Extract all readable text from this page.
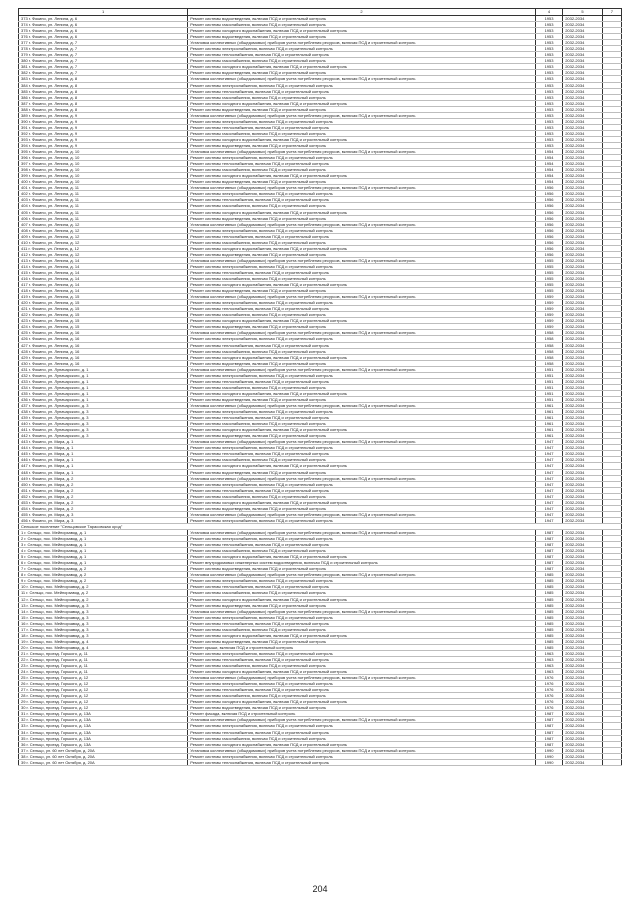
1	2	4	5	7
373 г. Фокино, ул. Ленина, д. 6	Ремонт системы водоотведения, включая ПСД и строительный контроль	1953	2032-2034	
374 г. Фокино, ул. Ленина, д. 6	Ремонт системы газоснабжения, включая ПСД и строительный контроль	1953	2032-2034	
375 г. Фокино, ул. Ленина, д. 6	Ремонт системы холодного водоснабжения, включая ПСД и строительный контроль	1953	2032-2034	
376 г. Фокино, ул. Ленина, д. 6	Ремонт системы водоотведения, включая ПСД и строительный контроль	1953	2032-2034	
377 г. Фокино, ул. Ленина, д. 7	Установка коллективных (общедомовых) приборов учета потребления ресурсов, включая ПСД и строительный контроль	1953	2032-2034	
378 г. Фокино, ул. Ленина, д. 7	Ремонт системы электроснабжения, включая ПСД и строительный контроль	1953	2032-2034	
379 г. Фокино, ул. Ленина, д. 7	Ремонт системы теплоснабжения, включая ПСД и строительный контроль	1953	2032-2034	
380 г. Фокино, ул. Ленина, д. 7	Ремонт системы газоснабжения, включая ПСД и строительный контроль	1953	2032-2034	
381 г. Фокино, ул. Ленина, д. 7	Ремонт системы холодного водоснабжения, включая ПСД и строительный контроль	1953	2032-2034	
382 г. Фокино, ул. Ленина, д. 7	Ремонт системы водоотведения, включая ПСД и строительный контроль	1953	2032-2034	
383 г. Фокино, ул. Ленина, д. 8	Установка коллективных (общедомовых) приборов учета потребления ресурсов, включая ПСД и строительный контроль	1953	2032-2034	
384 г. Фокино, ул. Ленина, д. 8	Ремонт системы электроснабжения, включая ПСД и строительный контроль	1953	2032-2034	
385 г. Фокино, ул. Ленина, д. 8	Ремонт системы теплоснабжения, включая ПСД и строительный контроль	1953	2032-2034	
386 г. Фокино, ул. Ленина, д. 8	Ремонт системы газоснабжения, включая ПСД и строительный контроль	1953	2032-2034	
387 г. Фокино, ул. Ленина, д. 8	Ремонт системы холодного водоснабжения, включая ПСД и строительный контроль	1953	2032-2034	
388 г. Фокино, ул. Ленина, д. 8	Ремонт системы водоотведения, включая ПСД и строительный контроль	1953	2032-2034	
389 г. Фокино, ул. Ленина, д. 9	Установка коллективных (общедомовых) приборов учета потребления ресурсов, включая ПСД и строительный контроль	1953	2032-2034	
390 г. Фокино, ул. Ленина, д. 9	Ремонт системы электроснабжения, включая ПСД и строительный контроль	1953	2032-2034	
391 г. Фокино, ул. Ленина, д. 9	Ремонт системы теплоснабжения, включая ПСД и строительный контроль	1953	2032-2034	
392 г. Фокино, ул. Ленина, д. 9	Ремонт системы газоснабжения, включая ПСД и строительный контроль	1953	2032-2034	
393 г. Фокино, ул. Ленина, д. 9	Ремонт системы холодного водоснабжения, включая ПСД и строительный контроль	1953	2032-2034	
394 г. Фокино, ул. Ленина, д. 9	Ремонт системы водоотведения, включая ПСД и строительный контроль	1953	2032-2034	
395 г. Фокино, ул. Ленина, д. 10	Установка коллективных (общедомовых) приборов учета потребления ресурсов, включая ПСД и строительный контроль	1954	2032-2034	
396 г. Фокино, ул. Ленина, д. 10	Ремонт системы электроснабжения, включая ПСД и строительный контроль	1954	2032-2034	
397 г. Фокино, ул. Ленина, д. 10	Ремонт системы теплоснабжения, включая ПСД и строительный контроль	1954	2032-2034	
398 г. Фокино, ул. Ленина, д. 10	Ремонт системы газоснабжения, включая ПСД и строительный контроль	1954	2032-2034	
399 г. Фокино, ул. Ленина, д. 10	Ремонт системы холодного водоснабжения, включая ПСД и строительный контроль	1954	2032-2034	
400 г. Фокино, ул. Ленина, д. 10	Ремонт системы водоотведения, включая ПСД и строительный контроль	1954	2032-2034	
401 г. Фокино, ул. Ленина, д. 11	Установка коллективных (общедомовых) приборов учета потребления ресурсов, включая ПСД и строительный контроль	1956	2032-2034	
402 г. Фокино, ул. Ленина, д. 11	Ремонт системы электроснабжения, включая ПСД и строительный контроль	1956	2032-2034	
403 г. Фокино, ул. Ленина, д. 11	Ремонт системы теплоснабжения, включая ПСД и строительный контроль	1956	2032-2034	
404 г. Фокино, ул. Ленина, д. 11	Ремонт системы газоснабжения, включая ПСД и строительный контроль	1956	2032-2034	
405 г. Фокино, ул. Ленина, д. 11	Ремонт системы холодного водоснабжения, включая ПСД и строительный контроль	1956	2032-2034	
406 г. Фокино, ул. Ленина, д. 11	Ремонт системы водоотведения, включая ПСД и строительный контроль	1956	2032-2034	
407 г. Фокино, ул. Ленина, д. 12	Установка коллективных (общедомовых) приборов учета потребления ресурсов, включая ПСД и строительный контроль	1956	2032-2034	
408 г. Фокино, ул. Ленина, д. 12	Ремонт системы электроснабжения, включая ПСД и строительный контроль	1956	2032-2034	
409 г. Фокино, ул. Ленина, д. 12	Ремонт системы теплоснабжения, включая ПСД и строительный контроль	1956	2032-2034	
410 г. Фокино, ул. Ленина, д. 12	Ремонт системы газоснабжения, включая ПСД и строительный контроль	1956	2032-2034	
411 г. Фокино, ул. Ленина, д. 12	Ремонт системы холодного водоснабжения, включая ПСД и строительный контроль	1956	2032-2034	
412 г. Фокино, ул. Ленина, д. 12	Ремонт системы водоотведения, включая ПСД и строительный контроль	1956	2032-2034	
413 г. Фокино, ул. Ленина, д. 14	Установка коллективных (общедомовых) приборов учета потребления ресурсов, включая ПСД и строительный контроль	1955	2032-2034	
414 г. Фокино, ул. Ленина, д. 14	Ремонт системы электроснабжения, включая ПСД и строительный контроль	1955	2032-2034	
415 г. Фокино, ул. Ленина, д. 14	Ремонт системы теплоснабжения, включая ПСД и строительный контроль	1955	2032-2034	
416 г. Фокино, ул. Ленина, д. 14	Ремонт системы газоснабжения, включая ПСД и строительный контроль	1955	2032-2034	
417 г. Фокино, ул. Ленина, д. 14	Ремонт системы холодного водоснабжения, включая ПСД и строительный контроль	1955	2032-2034	
418 г. Фокино, ул. Ленина, д. 14	Ремонт системы водоотведения, включая ПСД и строительный контроль	1955	2032-2034	
419 г. Фокино, ул. Ленина, д. 15	Установка коллективных (общедомовых) приборов учета потребления ресурсов, включая ПСД и строительный контроль	1959	2032-2034	
420 г. Фокино, ул. Ленина, д. 15	Ремонт системы электроснабжения, включая ПСД и строительный контроль	1959	2032-2034	
421 г. Фокино, ул. Ленина, д. 15	Ремонт системы теплоснабжения, включая ПСД и строительный контроль	1959	2032-2034	
422 г. Фокино, ул. Ленина, д. 15	Ремонт системы газоснабжения, включая ПСД и строительный контроль	1959	2032-2034	
423 г. Фокино, ул. Ленина, д. 15	Ремонт системы холодного водоснабжения, включая ПСД и строительный контроль	1959	2032-2034	
424 г. Фокино, ул. Ленина, д. 15	Ремонт системы водоотведения, включая ПСД и строительный контроль	1959	2032-2034	
425 г. Фокино, ул. Ленина, д. 16	Установка коллективных (общедомовых) приборов учета потребления ресурсов, включая ПСД и строительный контроль	1958	2032-2034	
426 г. Фокино, ул. Ленина, д. 16	Ремонт системы электроснабжения, включая ПСД и строительный контроль	1958	2032-2034	
427 г. Фокино, ул. Ленина, д. 16	Ремонт системы теплоснабжения, включая ПСД и строительный контроль	1958	2032-2034	
428 г. Фокино, ул. Ленина, д. 16	Ремонт системы газоснабжения, включая ПСД и строительный контроль	1958	2032-2034	
429 г. Фокино, ул. Ленина, д. 16	Ремонт системы холодного водоснабжения, включая ПСД и строительный контроль	1958	2032-2034	
430 г. Фокино, ул. Ленина, д. 16	Ремонт системы водоотведения, включая ПСД и строительный контроль	1958	2032-2034	
431 г. Фокино, ул. Луначарского, д. 1	Установка коллективных (общедомовых) приборов учета потребления ресурсов, включая ПСД и строительный контроль	1951	2032-2034	
432 г. Фокино, ул. Луначарского, д. 1	Ремонт системы электроснабжения, включая ПСД и строительный контроль	1951	2032-2034	
433 г. Фокино, ул. Луначарского, д. 1	Ремонт системы теплоснабжения, включая ПСД и строительный контроль	1951	2032-2034	
434 г. Фокино, ул. Луначарского, д. 1	Ремонт системы газоснабжения, включая ПСД и строительный контроль	1951	2032-2034	
435 г. Фокино, ул. Луначарского, д. 1	Ремонт системы холодного водоснабжения, включая ПСД и строительный контроль	1951	2032-2034	
436 г. Фокино, ул. Луначарского, д. 1	Ремонт системы водоотведения, включая ПСД и строительный контроль	1951	2032-2034	
437 г. Фокино, ул. Луначарского, д. 3	Установка коллективных (общедомовых) приборов учета потребления ресурсов, включая ПСД и строительный контроль	1961	2032-2034	
438 г. Фокино, ул. Луначарского, д. 3	Ремонт системы электроснабжения, включая ПСД и строительный контроль	1961	2032-2034	
439 г. Фокино, ул. Луначарского, д. 3	Ремонт системы теплоснабжения, включая ПСД и строительный контроль	1961	2032-2034	
440 г. Фокино, ул. Луначарского, д. 3	Ремонт системы газоснабжения, включая ПСД и строительный контроль	1961	2032-2034	
441 г. Фокино, ул. Луначарского, д. 3	Ремонт системы холодного водоснабжения, включая ПСД и строительный контроль	1961	2032-2034	
442 г. Фокино, ул. Луначарского, д. 3	Ремонт системы водоотведения, включая ПСД и строительный контроль	1961	2032-2034	
443 г. Фокино, ул. Мира, д. 1	Установка коллективных (общедомовых) приборов учета потребления ресурсов, включая ПСД и строительный контроль	1947	2032-2034	
444 г. Фокино, ул. Мира, д. 1	Ремонт системы электроснабжения, включая ПСД и строительный контроль	1947	2032-2034	
445 г. Фокино, ул. Мира, д. 1	Ремонт системы теплоснабжения, включая ПСД и строительный контроль	1947	2032-2034	
446 г. Фокино, ул. Мира, д. 1	Ремонт системы газоснабжения, включая ПСД и строительный контроль	1947	2032-2034	
447 г. Фокино, ул. Мира, д. 1	Ремонт системы холодного водоснабжения, включая ПСД и строительный контроль	1947	2032-2034	
448 г. Фокино, ул. Мира, д. 1	Ремонт системы водоотведения, включая ПСД и строительный контроль	1947	2032-2034	
449 г. Фокино, ул. Мира, д. 2	Установка коллективных (общедомовых) приборов учета потребления ресурсов, включая ПСД и строительный контроль	1947	2032-2034	
450 г. Фокино, ул. Мира, д. 2	Ремонт системы электроснабжения, включая ПСД и строительный контроль	1947	2032-2034	
451 г. Фокино, ул. Мира, д. 2	Ремонт системы теплоснабжения, включая ПСД и строительный контроль	1947	2032-2034	
452 г. Фокино, ул. Мира, д. 2	Ремонт системы газоснабжения, включая ПСД и строительный контроль	1947	2032-2034	
453 г. Фокино, ул. Мира, д. 2	Ремонт системы холодного водоснабжения, включая ПСД и строительный контроль	1947	2032-2034	
454 г. Фокино, ул. Мира, д. 2	Ремонт системы водоотведения, включая ПСД и строительный контроль	1947	2032-2034	
455 г. Фокино, ул. Мира, д. 3	Установка коллективных (общедомовых) приборов учета потребления ресурсов, включая ПСД и строительный контроль	1947	2032-2034	
456 г. Фокино, ул. Мира, д. 3	Ремонт системы электроснабжения, включая ПСД и строительный контроль	1947	2032-2034	
Сельское поселение "Сельцовское Тарасовская ород"				
1 г. Сельцо, пос. Мейпорзавод, д. 1	Установка коллективных (общедомовых) приборов учета потребления ресурсов, включая ПСД и строительный контроль	1987	2032-2034	
2 г. Сельцо, пос. Мейпорзавод, д. 1	Ремонт системы электроснабжения, включая ПСД и строительный контроль	1987	2032-2034	
3 г. Сельцо, пос. Мейпорзавод, д. 1	Ремонт системы теплоснабжения, включая ПСД и строительный контроль	1987	2032-2034	
4 г. Сельцо, пос. Мейпорзавод, д. 1	Ремонт системы газоснабжения, включая ПСД и строительный контроль	1987	2032-2034	
5 г. Сельцо, пос. Мейпорзавод, д. 1	Ремонт системы холодного водоснабжения, включая ПСД и строительный контроль	1987	2032-2034	
6 г. Сельцо, пос. Мейпорзавод, д. 1	Ремонт внутридомовых инженерных систем водоотведения, включая ПСД и строительный контроль	1987	2032-2034	
7 г. Сельцо, пос. Мейпорзавод, д. 2	Ремонт системы водоотведения, включая ПСД и строительный контроль	1987	2032-2034	
8 г. Сельцо, пос. Мейпорзавод, д. 2	Установка коллективных (общедомовых) приборов учета потребления ресурсов, включая ПСД и строительный контроль	1985	2032-2034	
9 г. Сельцо, пос. Мейпорзавод, д. 2	Ремонт системы электроснабжения, включая ПСД и строительный контроль	1985	2032-2034	
10 г. Сельцо, пос. Мейпорзавод, д. 2	Ремонт системы теплоснабжения, включая ПСД и строительный контроль	1985	2032-2034	
11 г. Сельцо, пос. Мейпорзавод, д. 2	Ремонт системы газоснабжения, включая ПСД и строительный контроль	1985	2032-2034	
12 г. Сельцо, пос. Мейпорзавод, д. 2	Ремонт системы холодного водоснабжения, включая ПСД и строительный контроль	1985	2032-2034	
13 г. Сельцо, пос. Мейпорзавод, д. 3	Ремонт системы водоотведения, включая ПСД и строительный контроль	1985	2032-2034	
14 г. Сельцо, пос. Мейпорзавод, д. 3	Установка коллективных (общедомовых) приборов учета потребления ресурсов, включая ПСД и строительный контроль	1985	2032-2034	
15 г. Сельцо, пос. Мейпорзавод, д. 3	Ремонт системы электроснабжения, включая ПСД и строительный контроль	1985	2032-2034	
16 г. Сельцо, пос. Мейпорзавод, д. 3	Ремонт системы теплоснабжения, включая ПСД и строительный контроль	1985	2032-2034	
17 г. Сельцо, пос. Мейпорзавод, д. 3	Ремонт системы газоснабжения, включая ПСД и строительный контроль	1985	2032-2034	
18 г. Сельцо, пос. Мейпорзавод, д. 3	Ремонт системы холодного водоснабжения, включая ПСД и строительный контроль	1985	2032-2034	
19 г. Сельцо, пос. Мейпорзавод, д. 4	Ремонт системы водоотведения, включая ПСД и строительный контроль	1985	2032-2034	
20 г. Сельцо, пос. Мейпорзавод, д. 4	Ремонт крыши, включая ПСД и строительный контроль	1985	2032-2034	
21 г. Сельцо, проезд. Горького, д. 11	Ремонт системы электроснабжения, включая ПСД и строительный контроль	1963	2032-2034	
22 г. Сельцо, проезд. Горького, д. 11	Ремонт системы теплоснабжения, включая ПСД и строительный контроль	1963	2032-2034	
23 г. Сельцо, проезд. Горького, д. 11	Ремонт системы газоснабжения, включая ПСД и строительный контроль	1963	2032-2034	
24 г. Сельцо, проезд. Горького, д. 11	Ремонт системы холодного водоснабжения, включая ПСД и строительный контроль	1963	2032-2034	
25 г. Сельцо, проезд. Горького, д. 12	Установка коллективных (общедомовых) приборов учета потребления ресурсов, включая ПСД и строительный контроль	1976	2032-2034	
26 г. Сельцо, проезд. Горького, д. 12	Ремонт системы электроснабжения, включая ПСД и строительный контроль	1976	2032-2034	
27 г. Сельцо, проезд. Горького, д. 12	Ремонт системы теплоснабжения, включая ПСД и строительный контроль	1976	2032-2034	
28 г. Сельцо, проезд. Горького, д. 12	Ремонт системы газоснабжения, включая ПСД и строительный контроль	1976	2032-2034	
29 г. Сельцо, проезд. Горького, д. 12	Ремонт системы холодного водоснабжения, включая ПСД и строительный контроль	1976	2032-2034	
30 г. Сельцо, проезд. Горького, д. 12	Ремонт системы водоотведения, включая ПСД и строительный контроль	1976	2032-2034	
31 г. Сельцо, проезд. Горького, д. 13А	Ремонт фасада, включая ПСД и строительный контроль	1987	2032-2034	
32 г. Сельцо, проезд. Горького, д. 13А	Установка коллективных (общедомовых) приборов учета потребления ресурсов, включая ПСД и строительный контроль	1987	2032-2034	
33 г. Сельцо, проезд. Горького, д. 13А	Ремонт системы электроснабжения, включая ПСД и строительный контроль	1987	2032-2034	
34 г. Сельцо, проезд. Горького, д. 13А	Ремонт системы теплоснабжения, включая ПСД и строительный контроль	1987	2032-2034	
35 г. Сельцо, проезд. Горького, д. 13А	Ремонт системы газоснабжения, включая ПСД и строительный контроль	1987	2032-2034	
36 г. Сельцо, проезд. Горького, д. 13А	Ремонт системы холодного водоснабжения, включая ПСД и строительный контроль	1987	2032-2034	
37 г. Сельцо, ул. 60 лет Октября, д. 20А	Установка коллективных (общедомовых) приборов учета потребления ресурсов, включая ПСД и строительный контроль	1990	2032-2034	
38 г. Сельцо, ул. 60 лет Октября, д. 20А	Ремонт системы электроснабжения, включая ПСД и строительный контроль	1990	2032-2034	
39 г. Сельцо, ул. 60 лет Октября, д. 20А	Ремонт системы теплоснабжения, включая ПСД и строительный контроль	1990	2032-2034	
204
